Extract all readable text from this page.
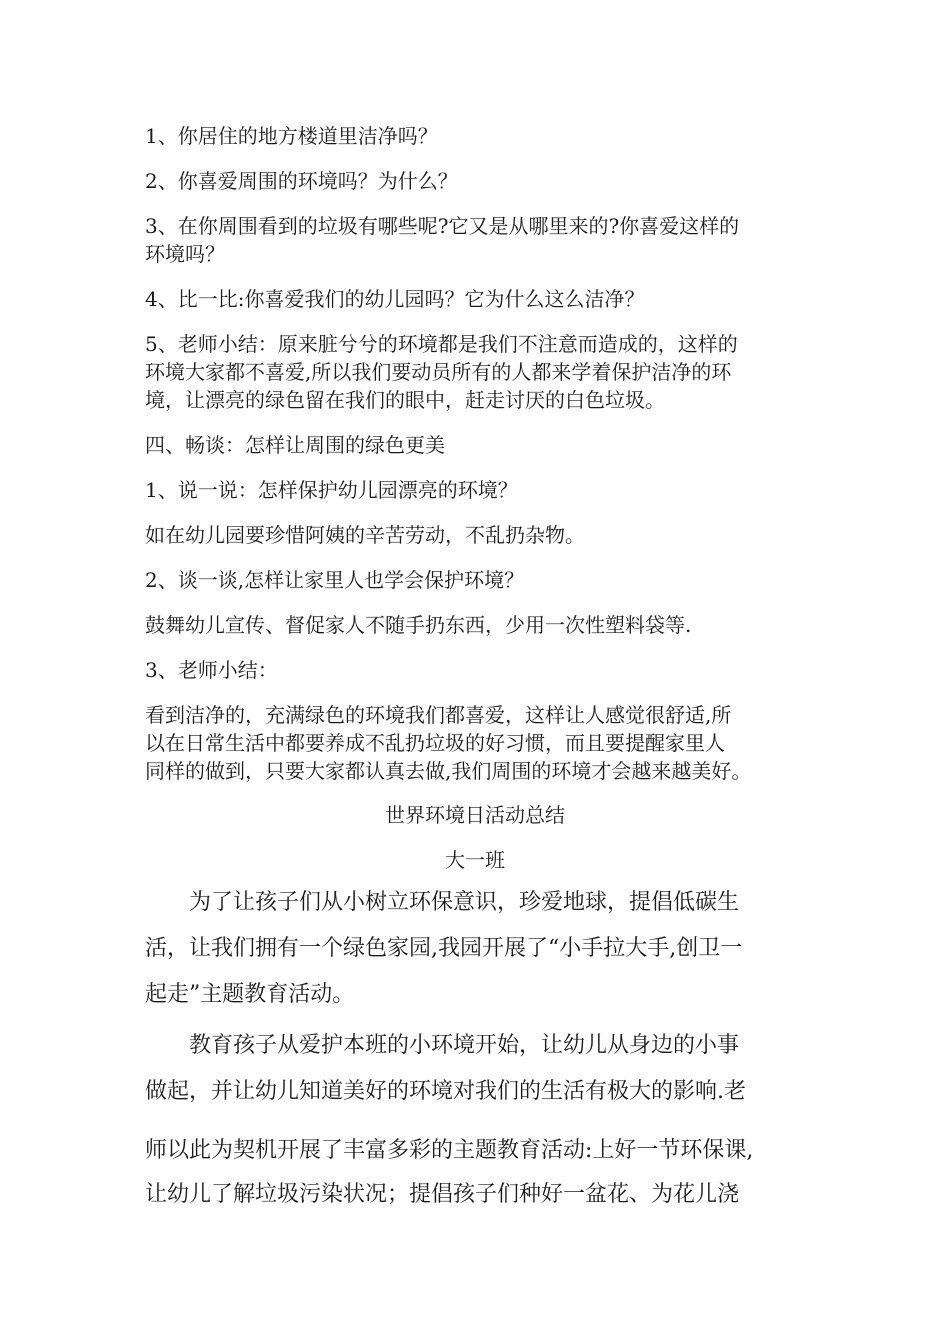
1、你居住的地方楼道里洁净吗？
2、你喜爱周围的环境吗？为什么？
3、在你周围看到的垃圾有哪些呢?它又是从哪里来的?你喜爱这样的
环境吗？
4、比一比:你喜爱我们的幼儿园吗？它为什么这么洁净？
5、老师小结：原来脏兮兮的环境都是我们不注意而造成的，这样的
环境大家都不喜爱,所以我们要动员所有的人都来学着保护洁净的环
境，让漂亮的绿色留在我们的眼中，赶走讨厌的白色垃圾。
四、畅谈：怎样让周围的绿色更美
1、说一说：怎样保护幼儿园漂亮的环境？
如在幼儿园要珍惜阿姨的辛苦劳动，不乱扔杂物。
2、谈一谈,怎样让家里人也学会保护环境？
鼓舞幼儿宣传、督促家人不随手扔东西，少用一次性塑料袋等.
3、老师小结：
看到洁净的，充满绿色的环境我们都喜爱，这样让人感觉很舒适,所
以在日常生活中都要养成不乱扔垃圾的好习惯，而且要提醒家里人
同样的做到，只要大家都认真去做,我们周围的环境才会越来越美好。
世界环境日活动总结
大一班
　　为了让孩子们从小树立环保意识，珍爱地球，提倡低碳生
活，让我们拥有一个绿色家园,我园开展了“小手拉大手,创卫一
起走”主题教育活动。
　　教育孩子从爱护本班的小环境开始，让幼儿从身边的小事
做起，并让幼儿知道美好的环境对我们的生活有极大的影响.老
师以此为契机开展了丰富多彩的主题教育活动:上好一节环保课,
让幼儿了解垃圾污染状况；提倡孩子们种好一盆花、为花儿浇
